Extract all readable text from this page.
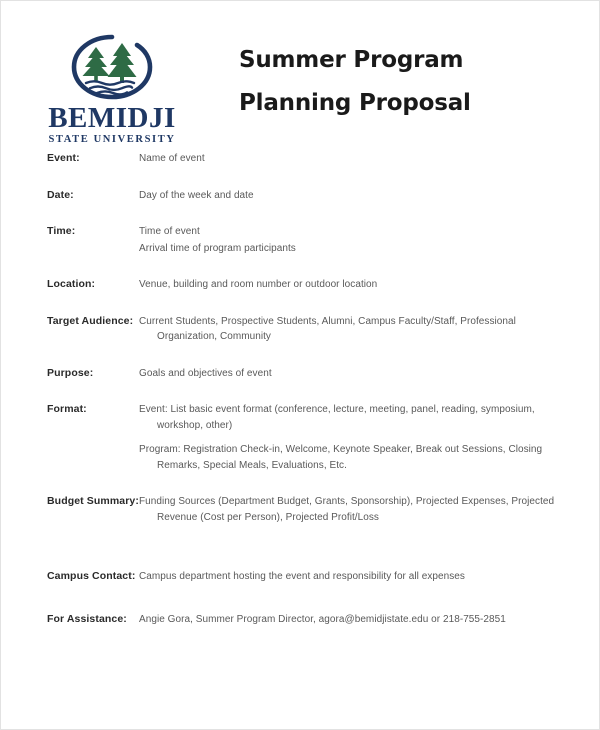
BEMIDJI
STATE UNIVERSITY
Summer Program
Planning Proposal
Event:	Name of event
Date:	Day of the week and date
Time:	Time of event
Arrival time of program participants
Location:	Venue, building and room number or outdoor location
Target Audience: Current Students, Prospective Students, Alumni, Campus Faculty/Staff, Professional Organization, Community
Purpose:	Goals and objectives of event
Format:	Event: List basic event format (conference, lecture, meeting, panel, reading, symposium, workshop, other)
Program: Registration Check-in, Welcome, Keynote Speaker, Break out Sessions, Closing Remarks, Special Meals, Evaluations, Etc.
Budget Summary: Funding Sources (Department Budget, Grants, Sponsorship), Projected Expenses, Projected Revenue (Cost per Person), Projected Profit/Loss
Campus Contact: Campus department hosting the event and responsibility for all expenses
For Assistance:	Angie Gora, Summer Program Director, agora@bemidjistate.edu or 218-755-2851
